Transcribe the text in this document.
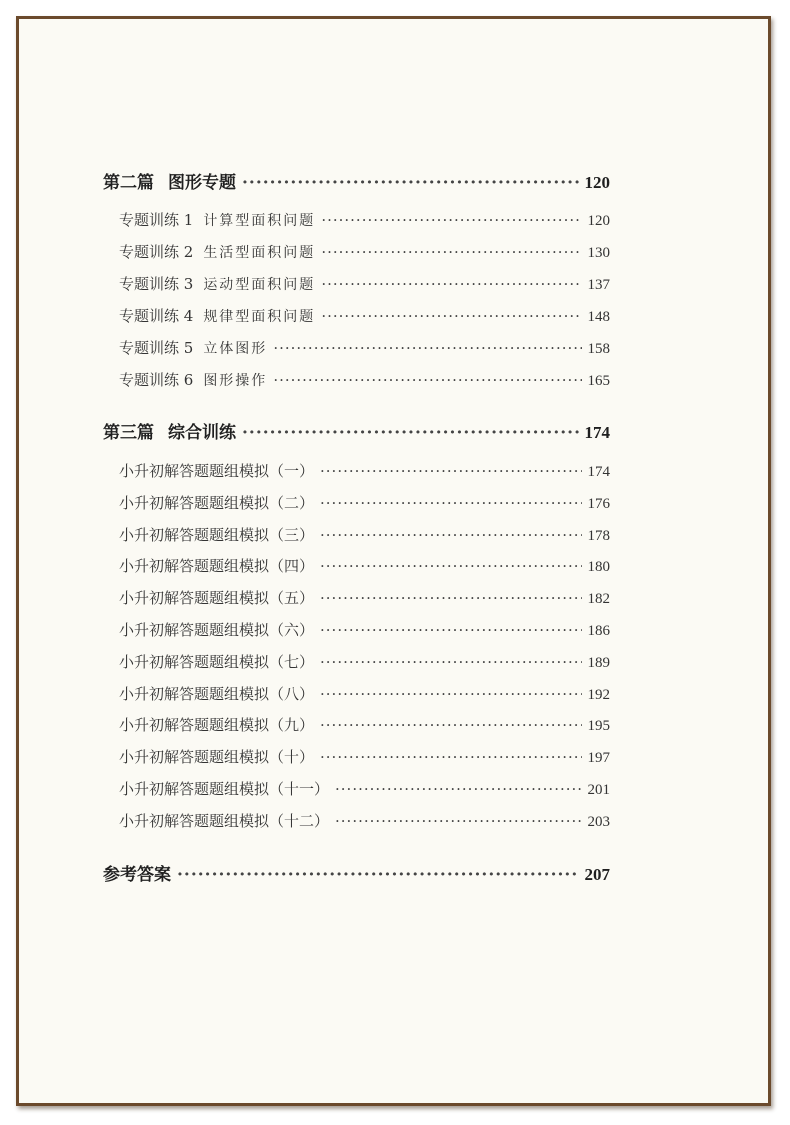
第二篇 图形专题 ·····	120
专题训练 1 计算型面积问题 ·····	120
专题训练 2 生活型面积问题 ·····	130
专题训练 3 运动型面积问题 ·····	137
专题训练 4 规律型面积问题 ·····	148
专题训练 5 立体图形 ·····	158
专题训练 6 图形操作 ·····	165
第三篇 综合训练 ·····	174
小升初解答题题组模拟（一） ·····	174
小升初解答题题组模拟（二） ·····	176
小升初解答题题组模拟（三） ·····	178
小升初解答题题组模拟（四） ·····	180
小升初解答题题组模拟（五） ·····	182
小升初解答题题组模拟（六） ·····	186
小升初解答题题组模拟（七） ·····	189
小升初解答题题组模拟（八） ·····	192
小升初解答题题组模拟（九） ·····	195
小升初解答题题组模拟（十） ·····	197
小升初解答题题组模拟（十一） ·····	201
小升初解答题题组模拟（十二） ·····	203
参考答案 ·····	207
